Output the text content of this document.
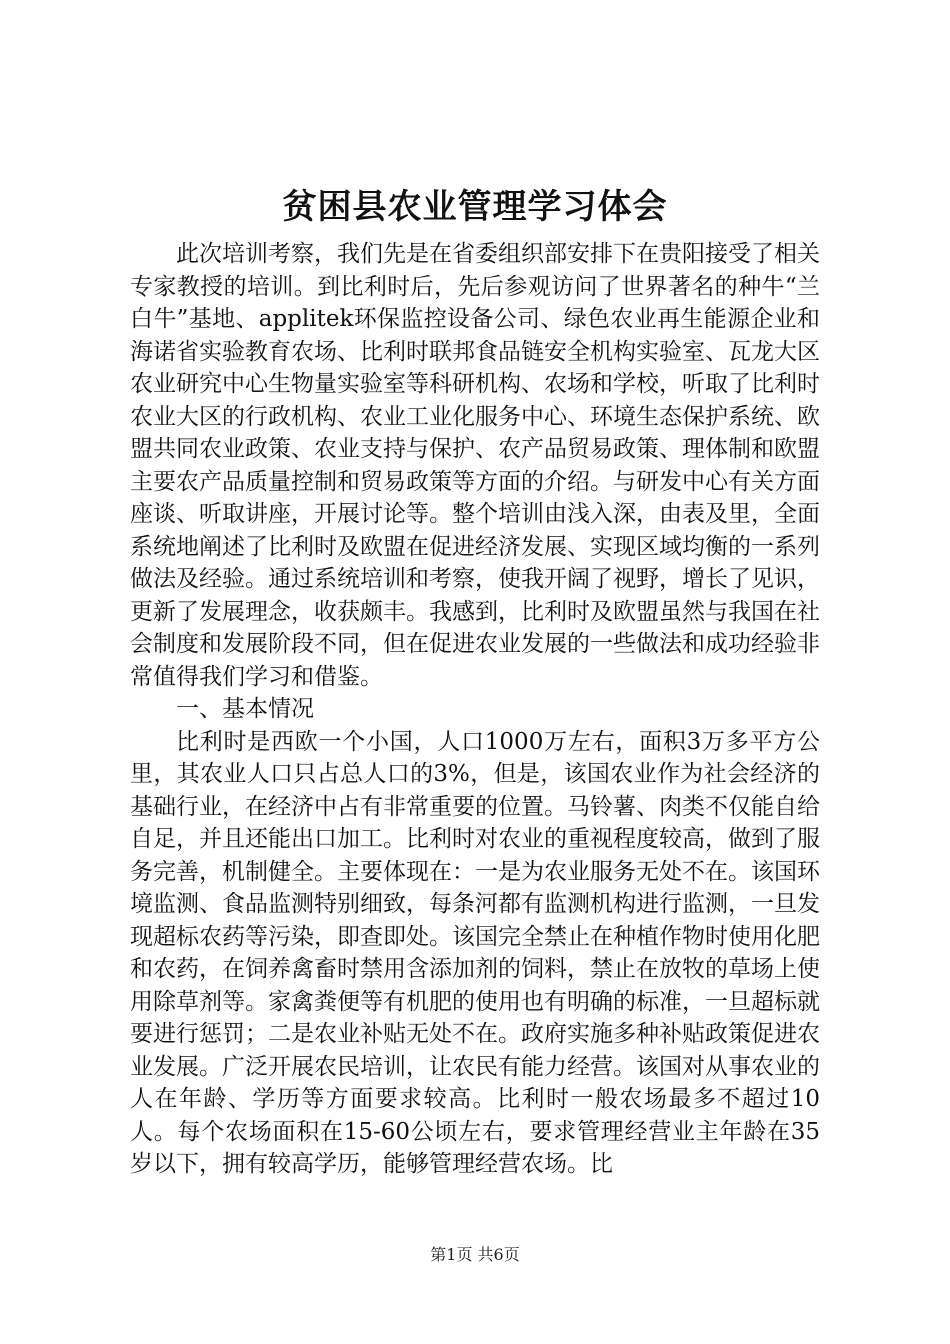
贫困县农业管理学习体会

此次培训考察，我们先是在省委组织部安排下在贵阳接受了相关专家教授的培训。到比利时后，先后参观访问了世界著名的种牛“兰白牛”基地、applitek环保监控设备公司、绿色农业再生能源企业和海诺省实验教育农场、比利时联邦食品链安全机构实验室、瓦龙大区农业研究中心生物量实验室等科研机构、农场和学校，听取了比利时农业大区的行政机构、农业工业化服务中心、环境生态保护系统、欧盟共同农业政策、农业支持与保护、农产品贸易政策、理体制和欧盟主要农产品质量控制和贸易政策等方面的介绍。与研发中心有关方面座谈、听取讲座，开展讨论等。整个培训由浅入深，由表及里，全面系统地阐述了比利时及欧盟在促进经济发展、实现区域均衡的一系列做法及经验。通过系统培训和考察，使我开阔了视野，增长了见识，更新了发展理念，收获颇丰。我感到，比利时及欧盟虽然与我国在社会制度和发展阶段不同，但在促进农业发展的一些做法和成功经验非常值得我们学习和借鉴。

一、基本情况

比利时是西欧一个小国，人口1000万左右，面积3万多平方公里，其农业人口只占总人口的3%，但是，该国农业作为社会经济的基础行业，在经济中占有非常重要的位置。马铃薯、肉类不仅能自给自足，并且还能出口加工。比利时对农业的重视程度较高，做到了服务完善，机制健全。主要体现在：一是为农业服务无处不在。该国环境监测、食品监测特别细致，每条河都有监测机构进行监测，一旦发现超标农药等污染，即查即处。该国完全禁止在种植作物时使用化肥和农药，在饲养禽畜时禁用含添加剂的饲料，禁止在放牧的草场上使用除草剂等。家禽粪便等有机肥的使用也有明确的标准，一旦超标就要进行惩罚；二是农业补贴无处不在。政府实施多种补贴政策促进农业发展。广泛开展农民培训，让农民有能力经营。该国对从事农业的人在年龄、学历等方面要求较高。比利时一般农场最多不超过10人。每个农场面积在15-60公顷左右，要求管理经营业主年龄在35岁以下，拥有较高学历，能够管理经营农场。比

第1页 共6页
